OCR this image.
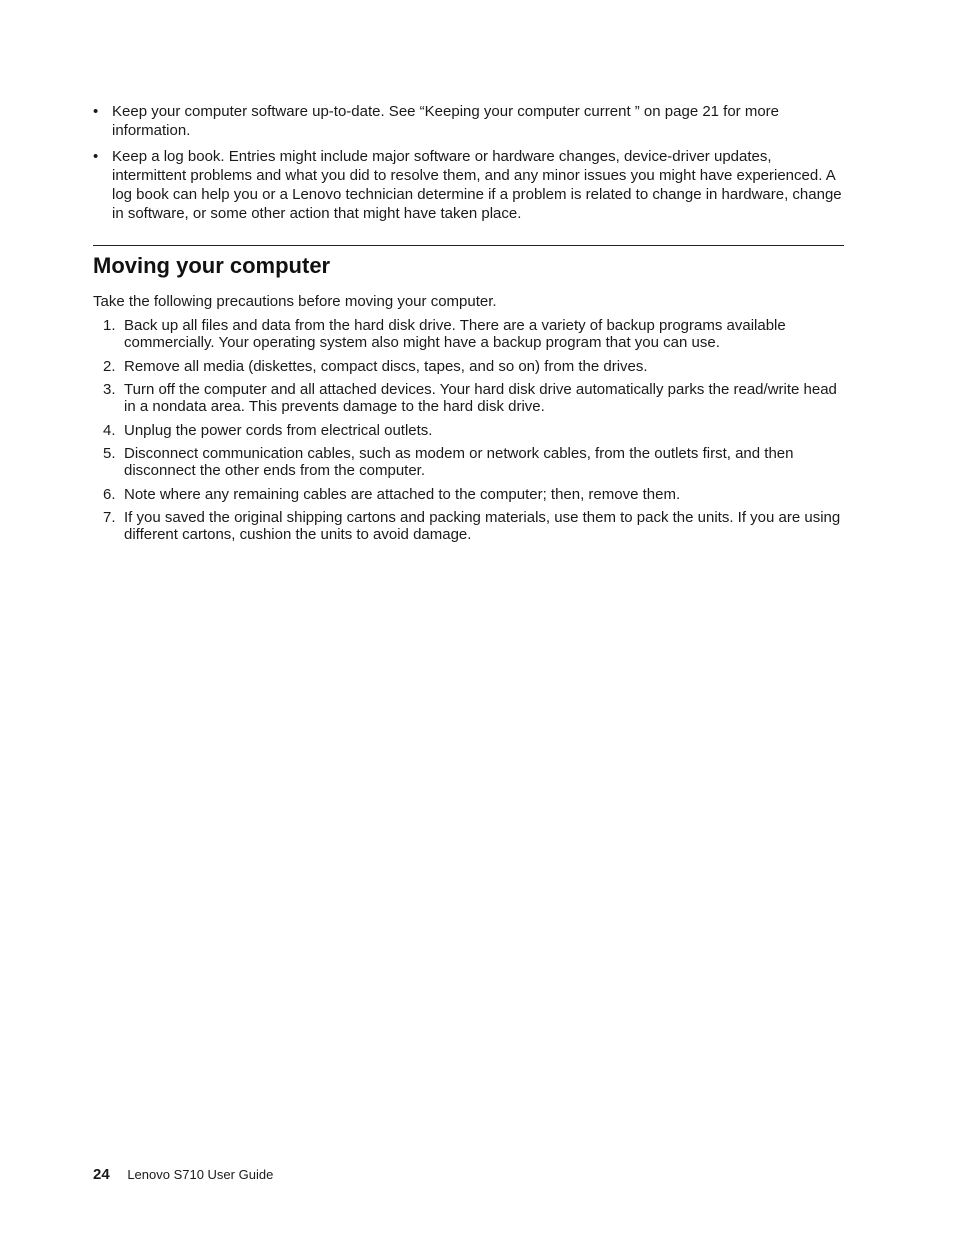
• Keep your computer software up-to-date. See “Keeping your computer current ” on page 21 for more information.
• Keep a log book. Entries might include major software or hardware changes, device-driver updates, intermittent problems and what you did to resolve them, and any minor issues you might have experienced. A log book can help you or a Lenovo technician determine if a problem is related to change in hardware, change in software, or some other action that might have taken place.
Moving your computer

Take the following precautions before moving your computer.

1. Back up all files and data from the hard disk drive. There are a variety of backup programs available commercially. Your operating system also might have a backup program that you can use.
2. Remove all media (diskettes, compact discs, tapes, and so on) from the drives.
3. Turn off the computer and all attached devices. Your hard disk drive automatically parks the read/write head in a nondata area. This prevents damage to the hard disk drive.
4. Unplug the power cords from electrical outlets.
5. Disconnect communication cables, such as modem or network cables, from the outlets first, and then disconnect the other ends from the computer.
6. Note where any remaining cables are attached to the computer; then, remove them.
7. If you saved the original shipping cartons and packing materials, use them to pack the units. If you are using different cartons, cushion the units to avoid damage.
24 Lenovo S710 User Guide
